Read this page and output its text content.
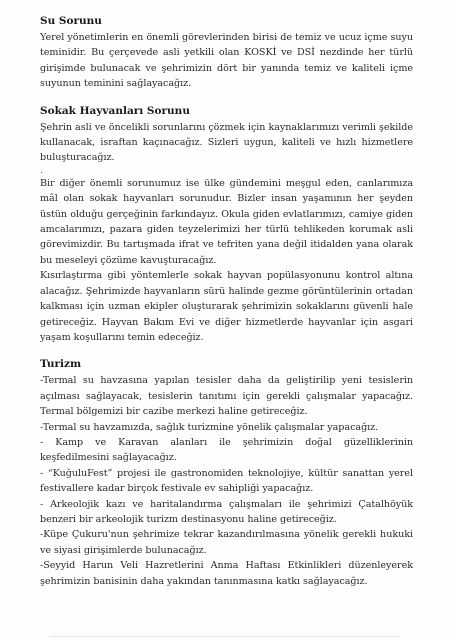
Su Sorunu

Yerel yönetimlerin en önemli görevlerinden birisi de temiz ve ucuz içme suyu teminidir. Bu çerçevede asli yetkili olan KOSKİ ve DSİ nezdinde her türlü girişimde bulunacak ve şehrimizin dört bir yanında temiz ve kaliteli içme suyunun teminini sağlayacağız.

Sokak Hayvanları Sorunu

Şehrin asli ve öncelikli sorunlarını çözmek için kaynaklarımızı verimli şekilde kullanacak, israftan kaçınacağız. Sizleri uygun, kaliteli ve hızlı hizmetlere buluşturacağız.

.

Bir diğer önemli sorunumuz ise ülke gündemini meşgul eden, canlarımıza mâl olan sokak hayvanları sorunudur. Bizler insan yaşamının her şeyden üstün olduğu gerçeğinin farkındayız. Okula giden evlatlarımızı, camiye giden amcalarımızı, pazara giden teyzelerimizi her türlü tehlikeden korumak asli görevimizdir. Bu tartışmada ifrat ve tefriten yana değil itidalden yana olarak bu meseleyi çözüme kavuşturacağız.

Kısırlaştırma gibi yöntemlerle sokak hayvan popülasyonunu kontrol altına alacağız. Şehrimizde hayvanların sürü halinde gezme görüntülerinin ortadan kalkması için uzman ekipler oluşturarak şehrimizin sokaklarını güvenli hale getireceğiz. Hayvan Bakım Evi ve diğer hizmetlerde hayvanlar için asgari yaşam koşullarını temin edeceğiz.

Turizm

-Termal su havzasına yapılan tesisler daha da geliştirilip yeni tesislerin açılması sağlayacak, tesislerin tanıtımı için gerekli çalışmalar yapacağız. Termal bölgemizi bir cazibe merkezi haline getireceğiz.

-Termal su havzamızda, sağlık turizmine yönelik çalışmalar yapacağız.

- Kamp ve Karavan alanları ile şehrimizin doğal güzelliklerinin keşfedilmesini sağlayacağız.

- “KuğuluFest” projesi ile gastronomiden teknolojiye, kültür sanattan yerel festivallere kadar birçok festivale ev sahipliği yapacağız.

- Arkeolojik kazı ve haritalandırma çalışmaları ile şehrimizi Çatalhöyük benzeri bir arkeolojik turizm destinasyonu haline getireceğiz.

-Küpe Çukuru'nun şehrimize tekrar kazandırılmasına yönelik gerekli hukuki ve siyasi girişimlerde bulunacağız.

-Seyyid Harun Veli Hazretlerini Anma Haftası Etkinlikleri düzenleyerek şehrimizin banisinin daha yakından tanınmasına katkı sağlayacağız.
